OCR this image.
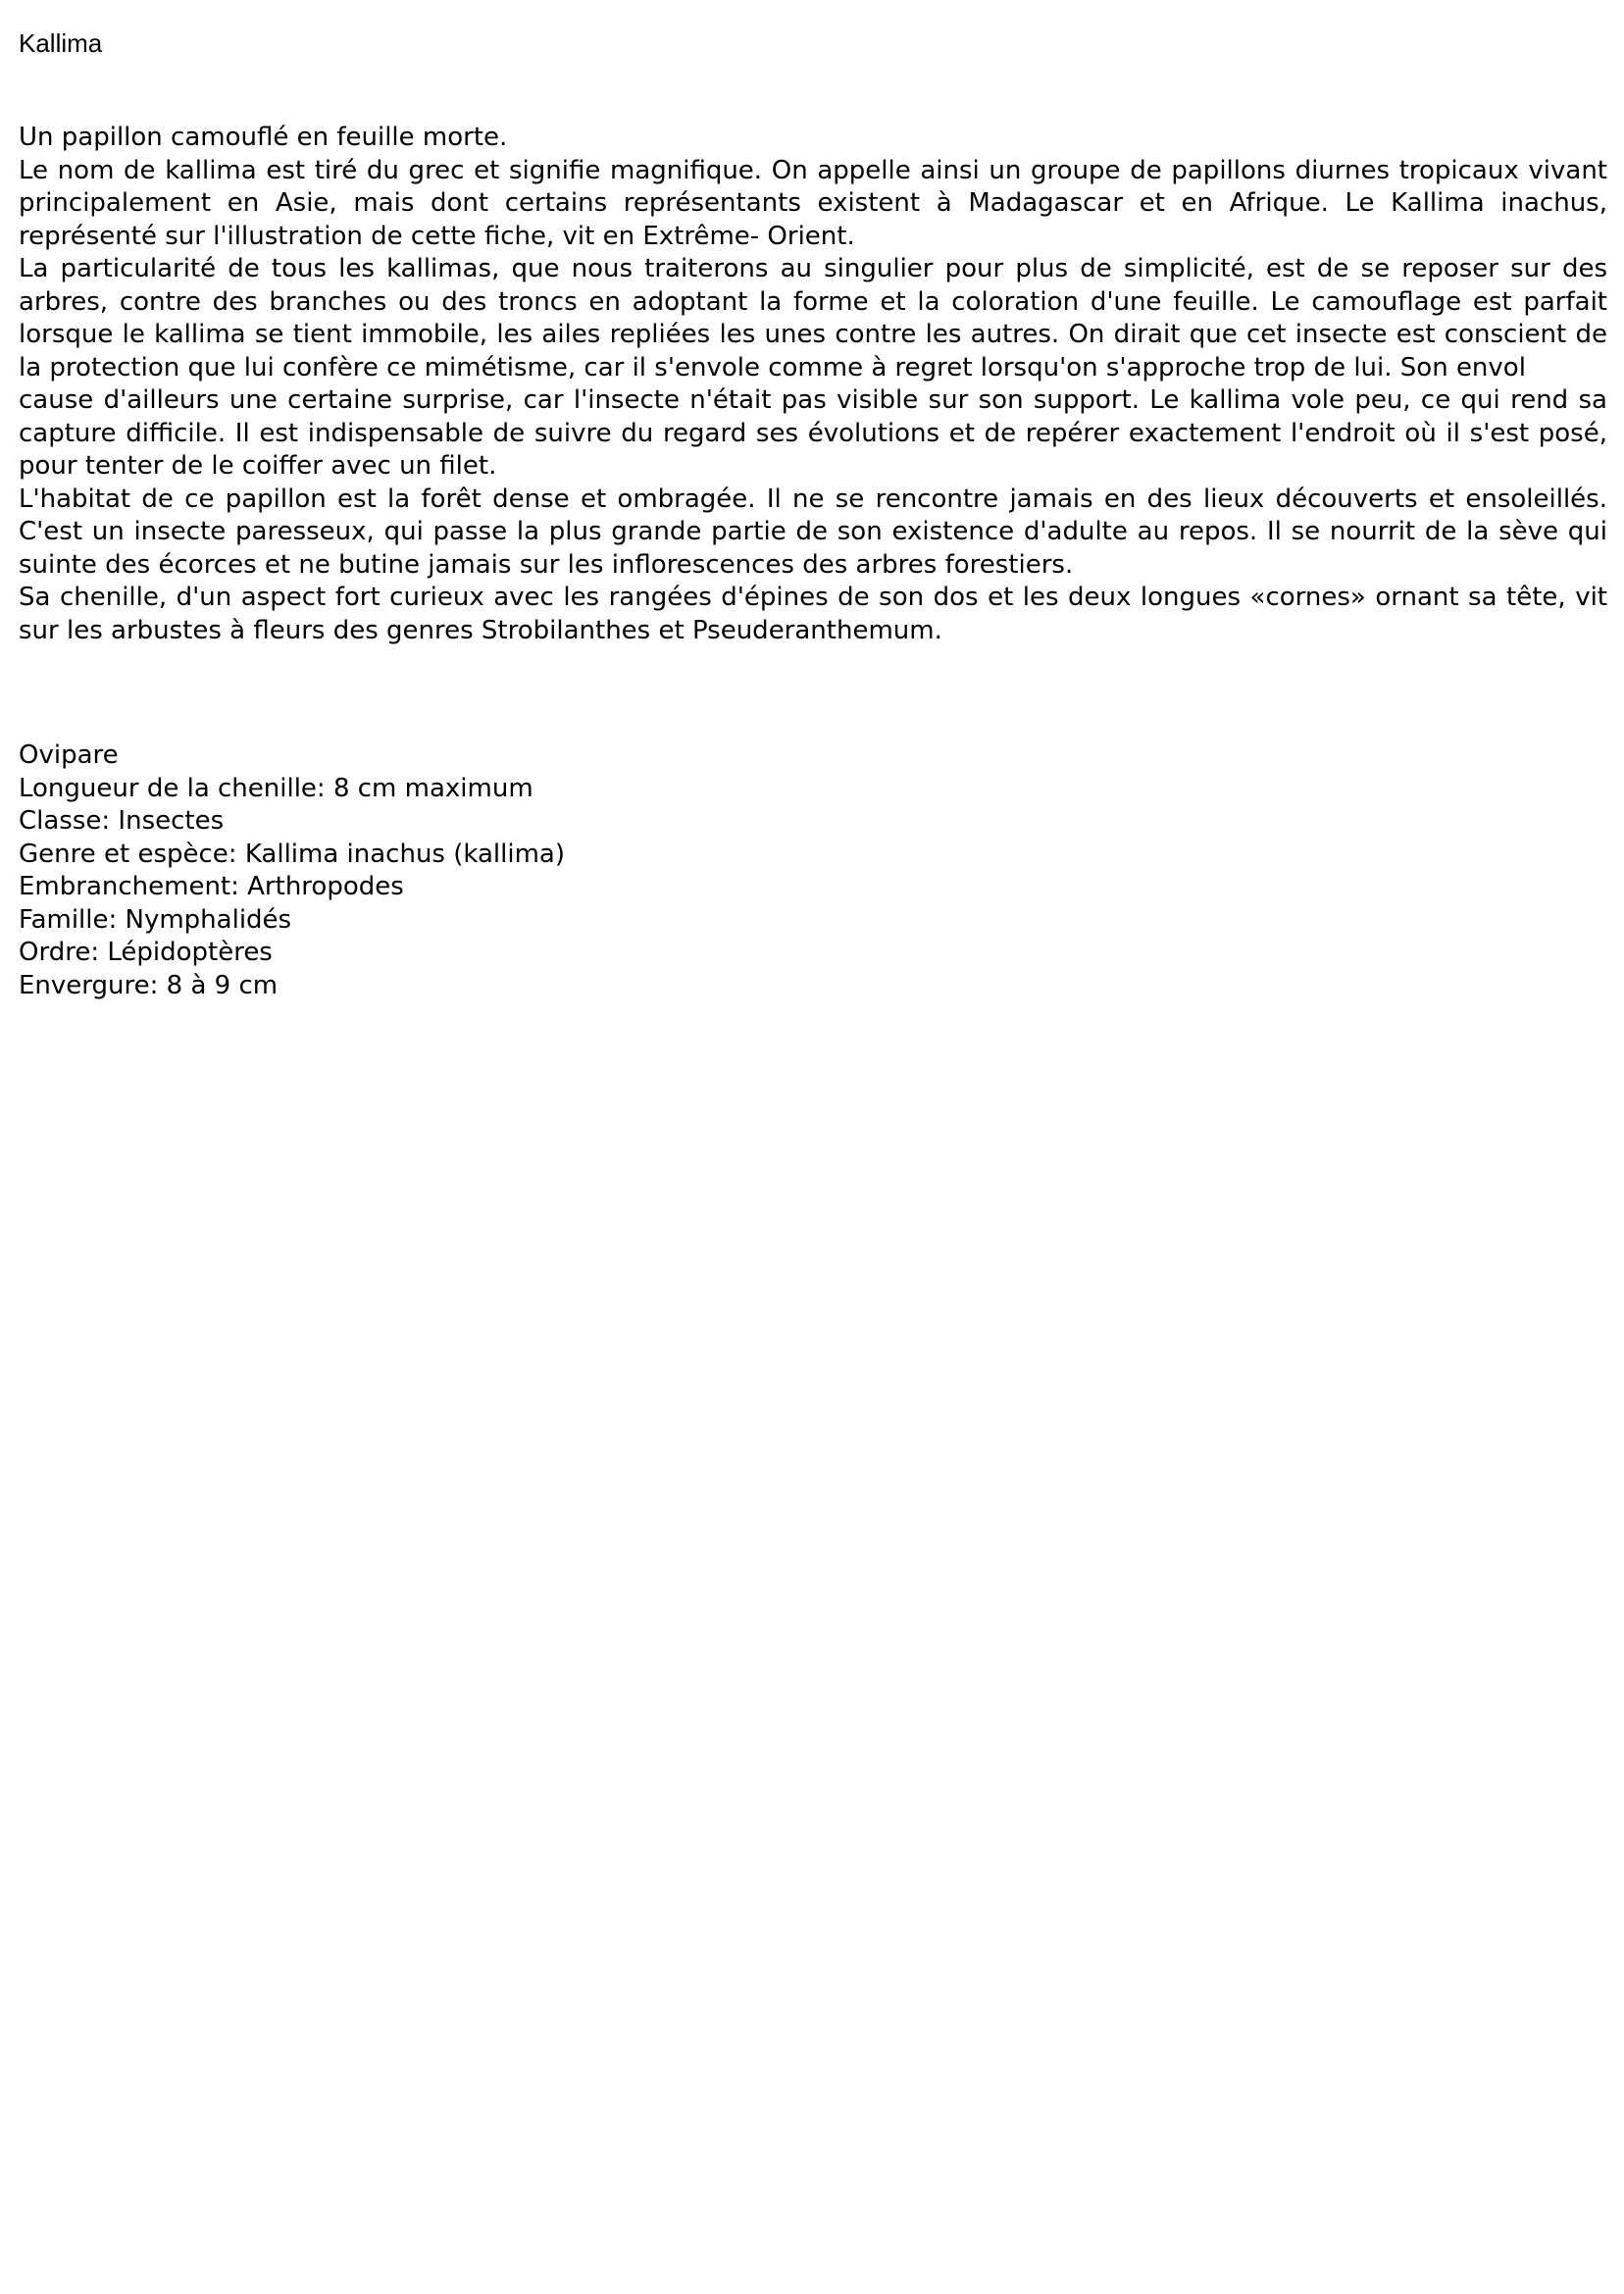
Kallima

Un papillon camouflé en feuille morte.

Le nom de kallima est tiré du grec et signifie magnifique. On appelle ainsi un groupe de papillons diurnes tropicaux vivant principalement en Asie, mais dont certains représentants existent à Madagascar et en Afrique. Le Kallima inachus, représenté sur l'illustration de cette fiche, vit en Extrême- Orient.

La particularité de tous les kallimas, que nous traiterons au singulier pour plus de simplicité, est de se reposer sur des arbres, contre des branches ou des troncs en adoptant la forme et la coloration d'une feuille. Le camouflage est parfait lorsque le kallima se tient immobile, les ailes repliées les unes contre les autres. On dirait que cet insecte est conscient de la protection que lui confère ce mimétisme, car il s'envole comme à regret lorsqu'on s'approche trop de lui. Son envol

cause d'ailleurs une certaine surprise, car l'insecte n'était pas visible sur son support. Le kallima vole peu, ce qui rend sa capture difficile. Il est indispensable de suivre du regard ses évolutions et de repérer exactement l'endroit où il s'est posé, pour tenter de le coiffer avec un filet.

L'habitat de ce papillon est la forêt dense et ombragée. Il ne se rencontre jamais en des lieux découverts et ensoleillés. C'est un insecte paresseux, qui passe la plus grande partie de son existence d'adulte au repos. Il se nourrit de la sève qui suinte des écorces et ne butine jamais sur les inflorescences des arbres forestiers.

Sa chenille, d'un aspect fort curieux avec les rangées d'épines de son dos et les deux longues «cornes» ornant sa tête, vit sur les arbustes à fleurs des genres Strobilanthes et Pseuderanthemum.

Ovipare
Longueur de la chenille: 8 cm maximum
Classe: Insectes
Genre et espèce: Kallima inachus (kallima)
Embranchement: Arthropodes
Famille: Nymphalidés
Ordre: Lépidoptères
Envergure: 8 à 9 cm
